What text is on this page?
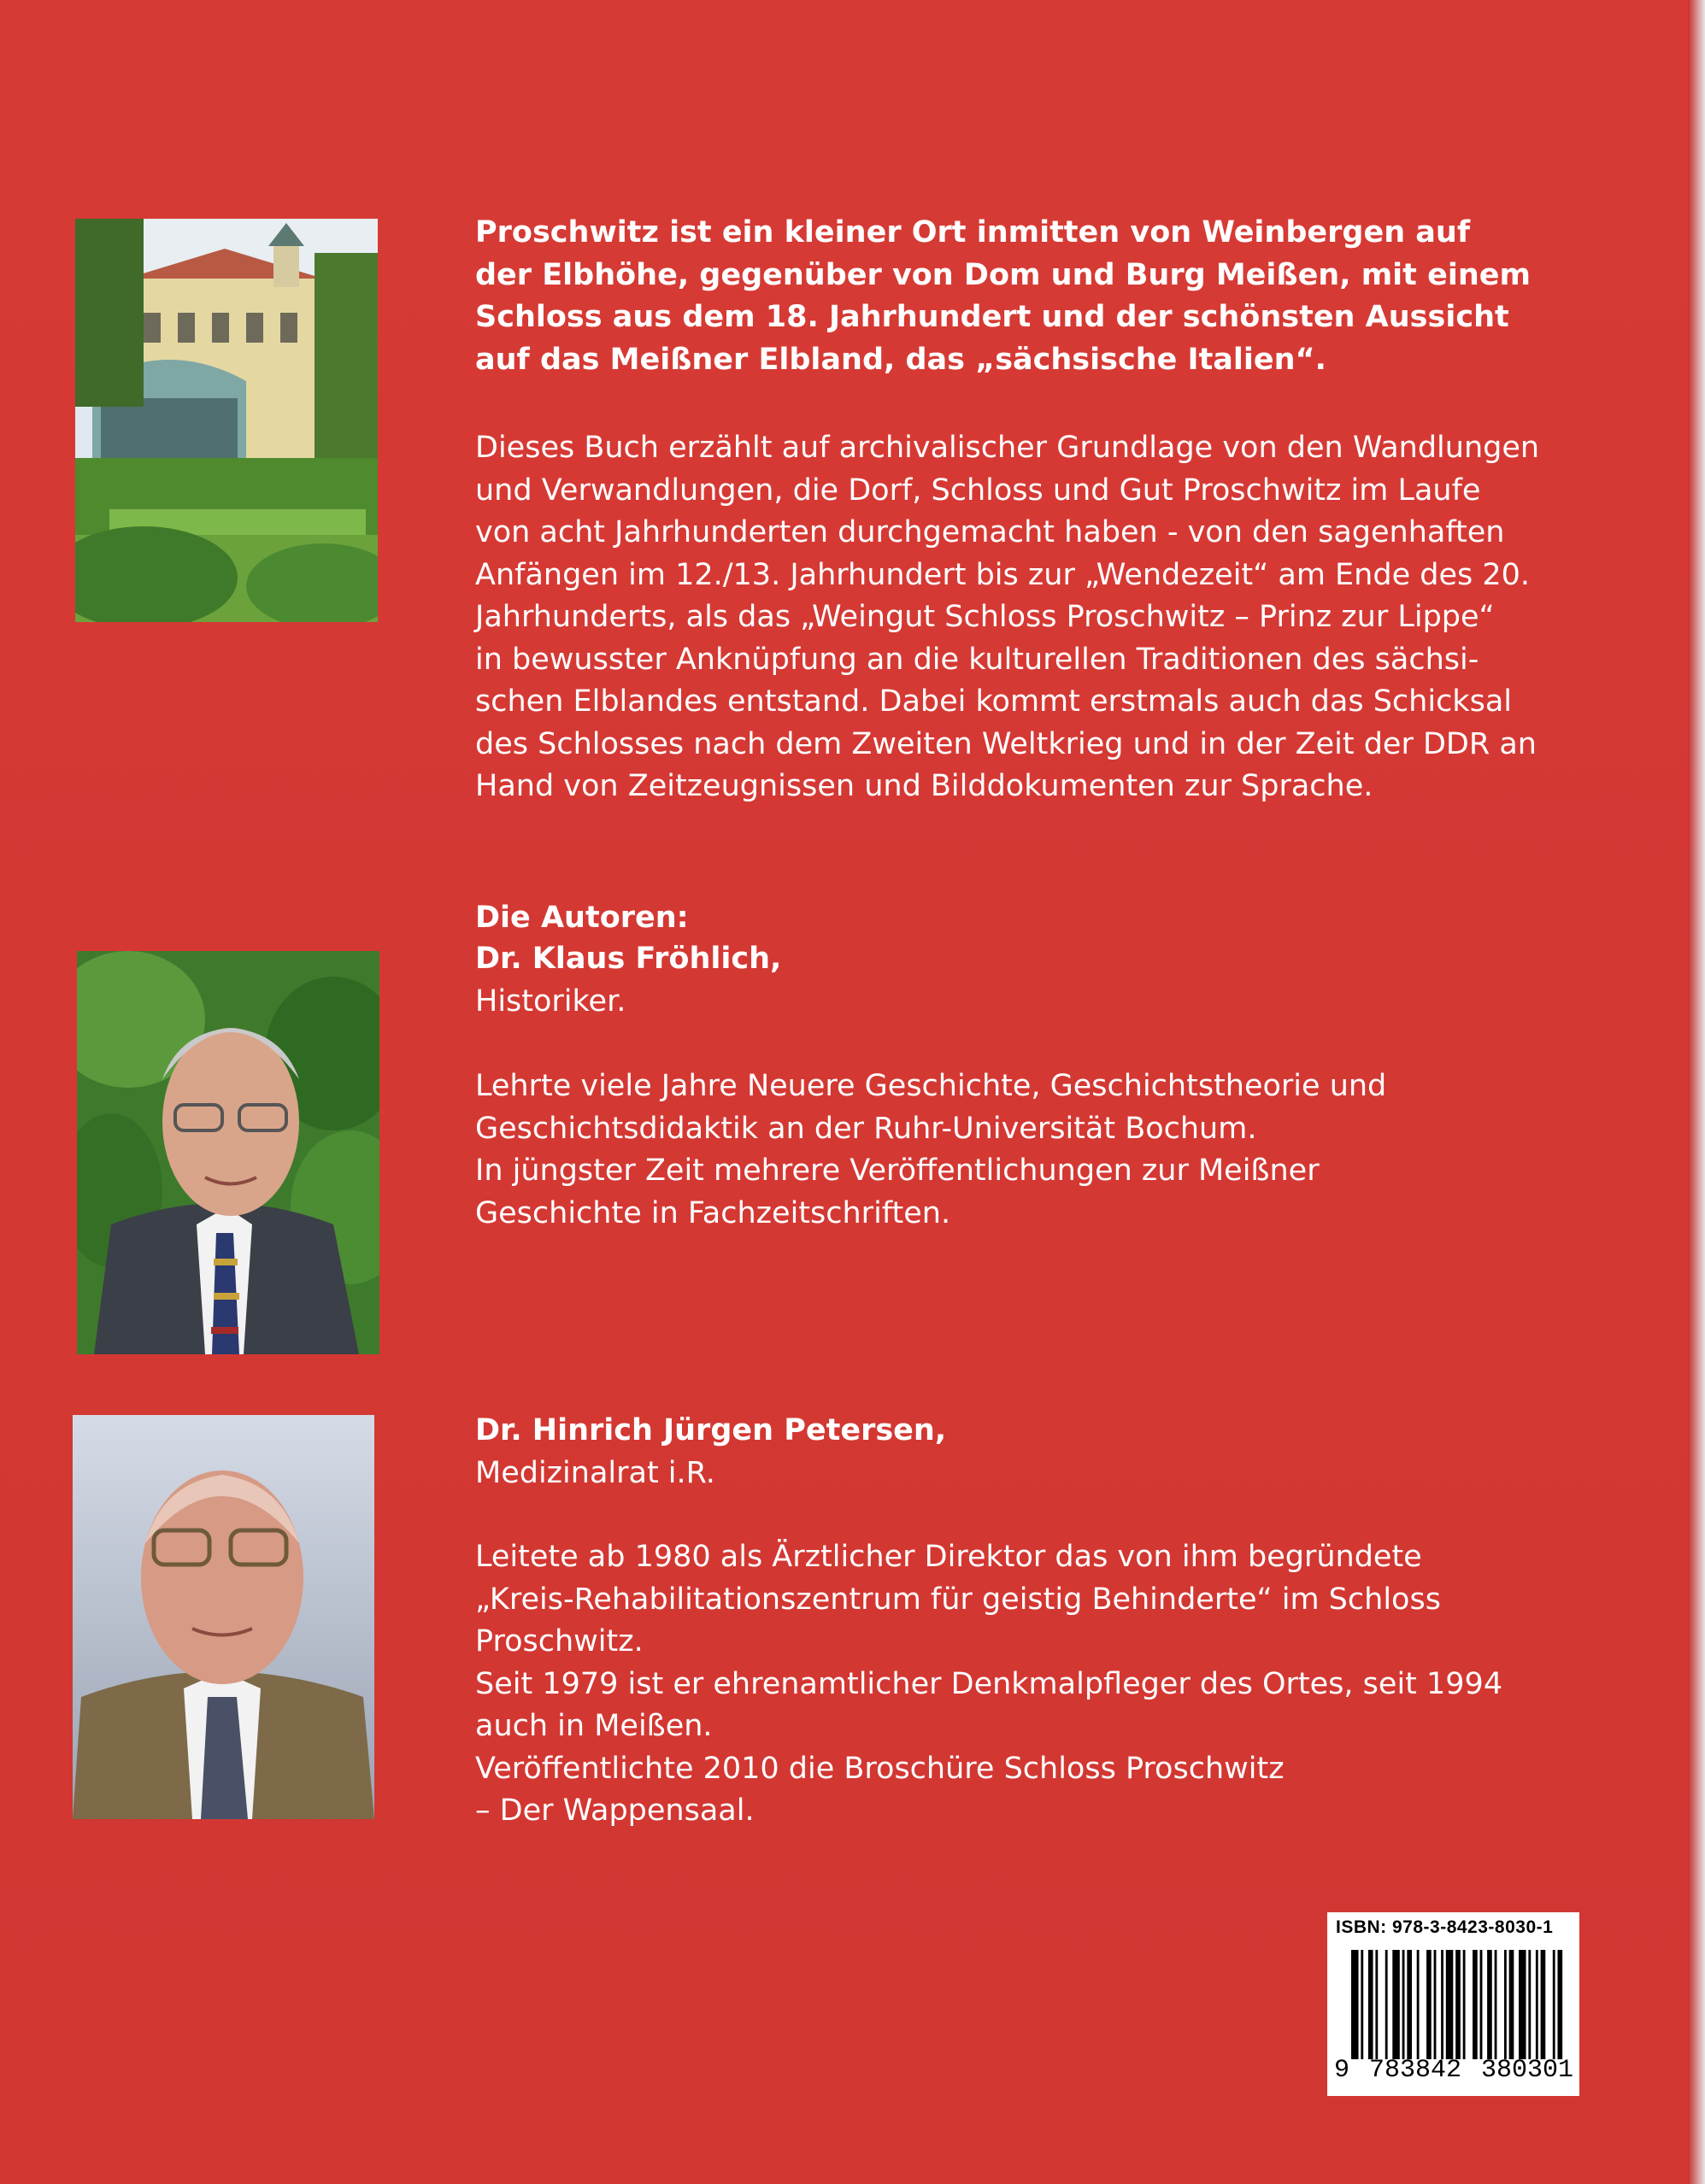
Proschwitz ist ein kleiner Ort inmitten von Weinbergen auf
der Elbhöhe, gegenüber von Dom und Burg Meißen, mit einem
Schloss aus dem 18. Jahrhundert und der schönsten Aussicht
auf das Meißner Elbland, das „sächsische Italien“.
Dieses Buch erzählt auf archivalischer Grundlage von den Wandlungen
und Verwandlungen, die Dorf, Schloss und Gut Proschwitz im Laufe
von acht Jahrhunderten durchgemacht haben - von den sagenhaften
Anfängen im 12./13. Jahrhundert bis zur „Wendezeit“ am Ende des 20.
Jahrhunderts, als das „Weingut Schloss Proschwitz – Prinz zur Lippe“
in bewusster Anknüpfung an die kulturellen Traditionen des sächsi-
schen Elblandes entstand. Dabei kommt erstmals auch das Schicksal
des Schlosses nach dem Zweiten Weltkrieg und in der Zeit der DDR an
Hand von Zeitzeugnissen und Bilddokumenten zur Sprache.
Die Autoren:
Dr. Klaus Fröhlich,
Historiker.
Lehrte viele Jahre Neuere Geschichte, Geschichtstheorie und
Geschichtsdidaktik an der Ruhr-Universität Bochum.
In jüngster Zeit mehrere Veröffentlichungen zur Meißner
Geschichte in Fachzeitschriften.
Dr. Hinrich Jürgen Petersen,
Medizinalrat i.R.
Leitete ab 1980 als Ärztlicher Direktor das von ihm begründete
„Kreis-Rehabilitationszentrum für geistig Behinderte“ im Schloss
Proschwitz.
Seit 1979 ist er ehrenamtlicher Denkmalpfleger des Ortes, seit 1994
auch in Meißen.
Veröffentlichte 2010 die Broschüre Schloss Proschwitz
– Der Wappensaal.
ISBN: 978-3-8423-8030-1
9 783842 380301
